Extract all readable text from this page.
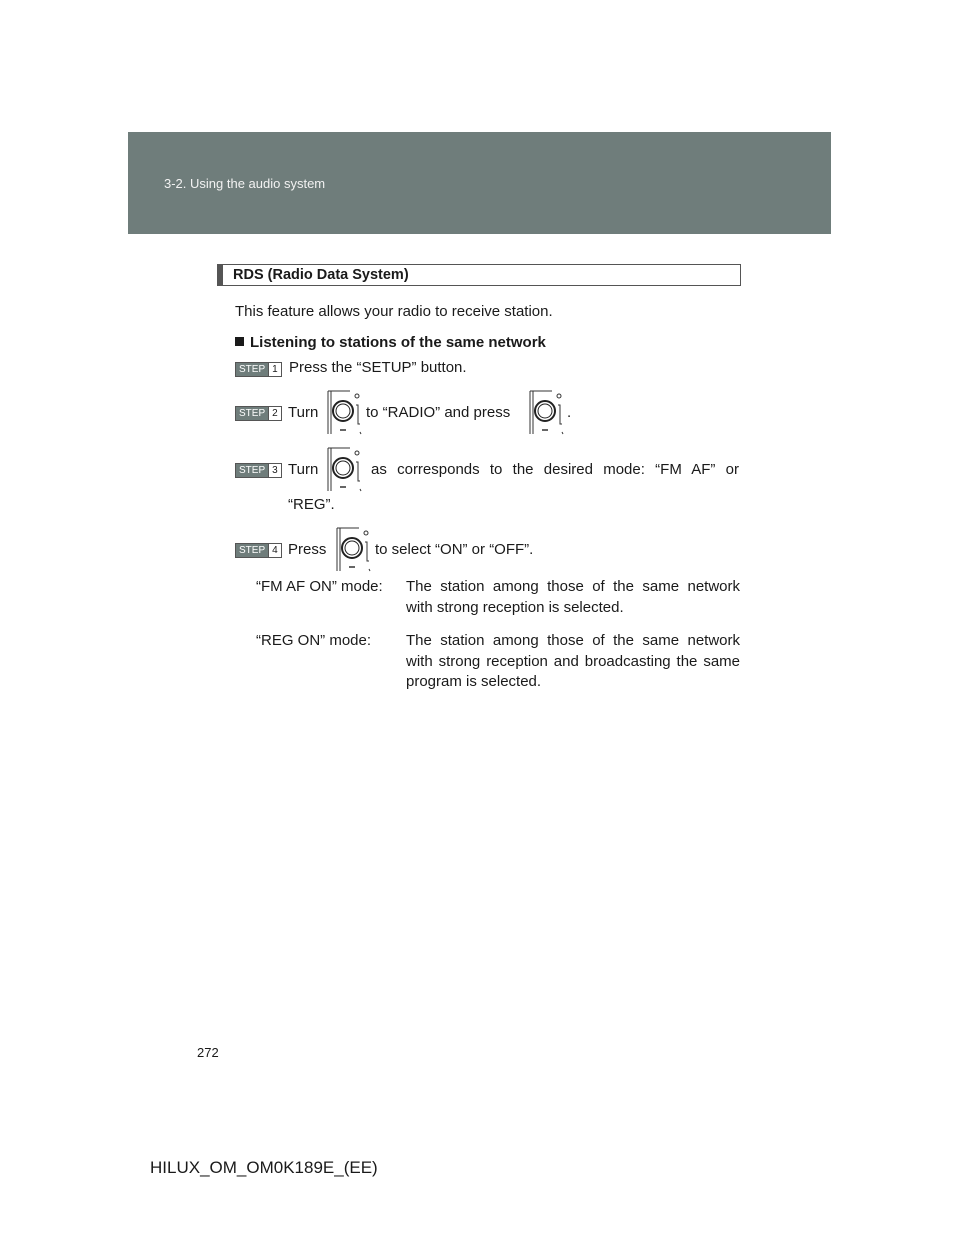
3-2. Using the audio system
RDS (Radio Data System)
This feature allows your radio to receive station.
Listening to stations of the same network
STEP 1 Press the “SETUP” button.
STEP 2 Turn	to “RADIO” and press	.
STEP 3 Turn	as corresponds to the desired mode: “FM AF” or
“REG”.
STEP 4 Press	to select “ON” or “OFF”.
“FM AF ON” mode: The station among those of the same network with strong reception is selected.
“REG ON” mode: The station among those of the same network with strong reception and broadcasting the same program is selected.
272
HILUX_OM_OM0K189E_(EE)
